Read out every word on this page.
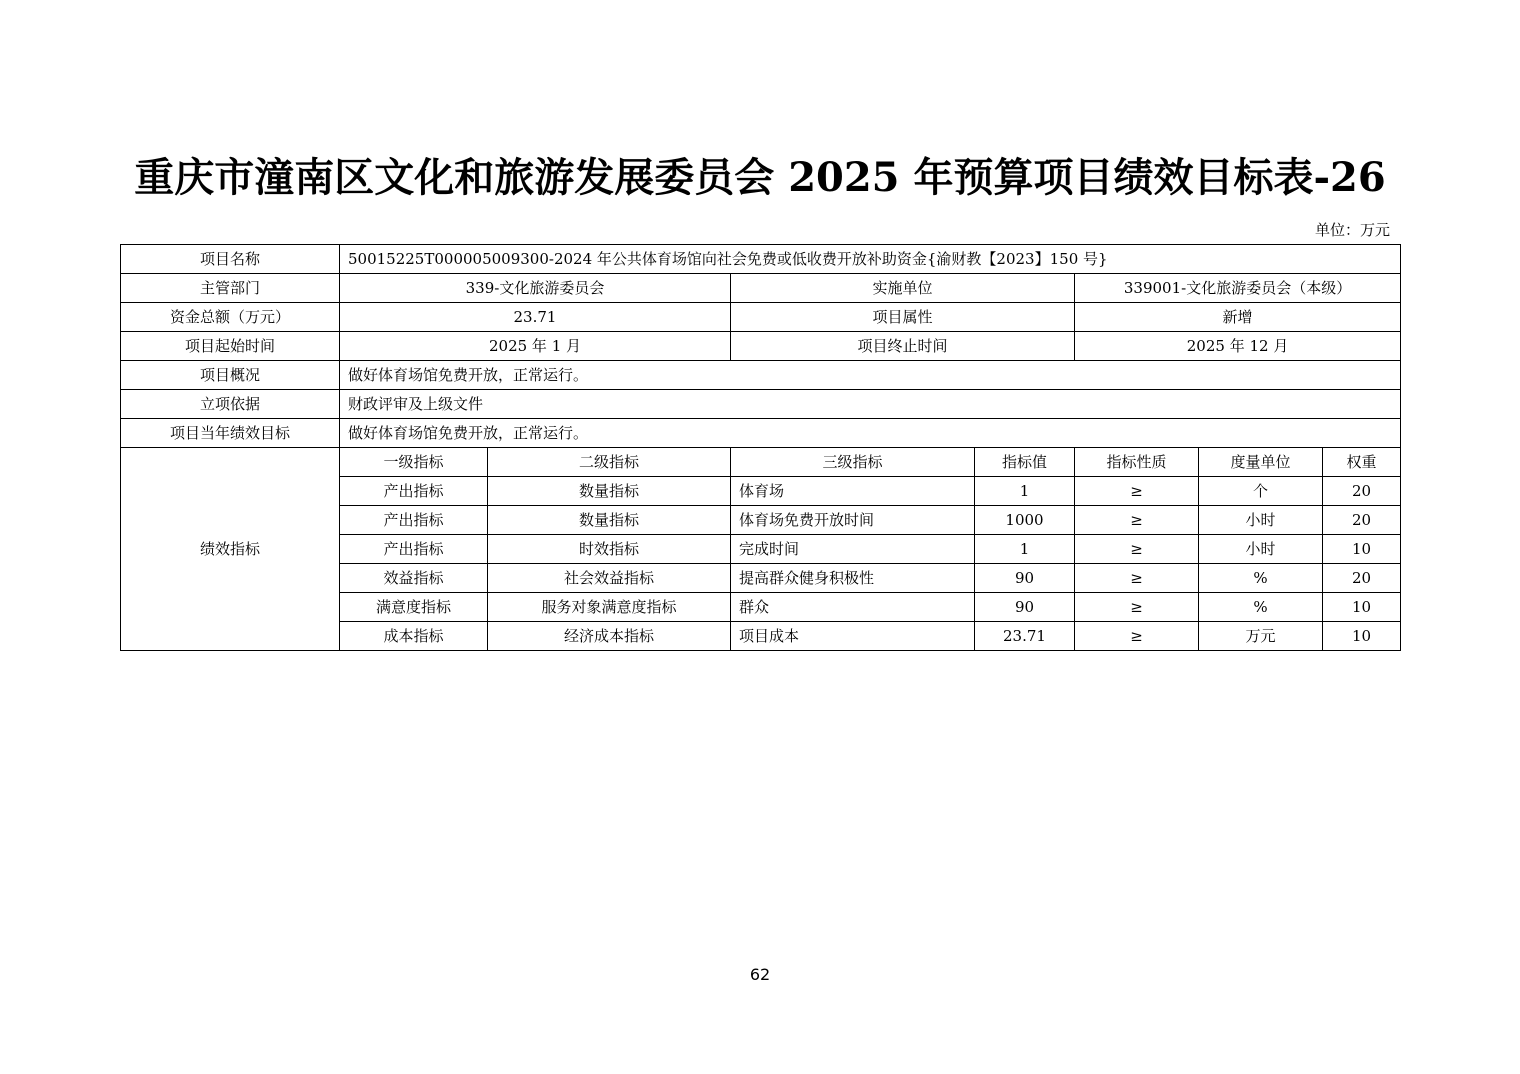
重庆市潼南区文化和旅游发展委员会 2025 年预算项目绩效目标表-26
单位：万元
项目名称	50015225T000005009300-2024 年公共体育场馆向社会免费或低收费开放补助资金{渝财教【2023】150 号}						
主管部门	339-文化旅游委员会		实施单位		339001-文化旅游委员会（本级）		
资金总额（万元）	23.71		项目属性		新增		
项目起始时间	2025 年 1 月		项目终止时间		2025 年 12 月		
项目概况	做好体育场馆免费开放，正常运行。						
立项依据	财政评审及上级文件						
项目当年绩效目标	做好体育场馆免费开放，正常运行。						
绩效指标	一级指标	二级指标	三级指标	指标值	指标性质	度量单位	权重
	产出指标	数量指标	体育场	1	≥	个	20
	产出指标	数量指标	体育场免费开放时间	1000	≥	小时	20
	产出指标	时效指标	完成时间	1	≥	小时	10
	效益指标	社会效益指标	提高群众健身积极性	90	≥	%	20
	满意度指标	服务对象满意度指标	群众	90	≥	%	10
	成本指标	经济成本指标	项目成本	23.71	≥	万元	10
62
